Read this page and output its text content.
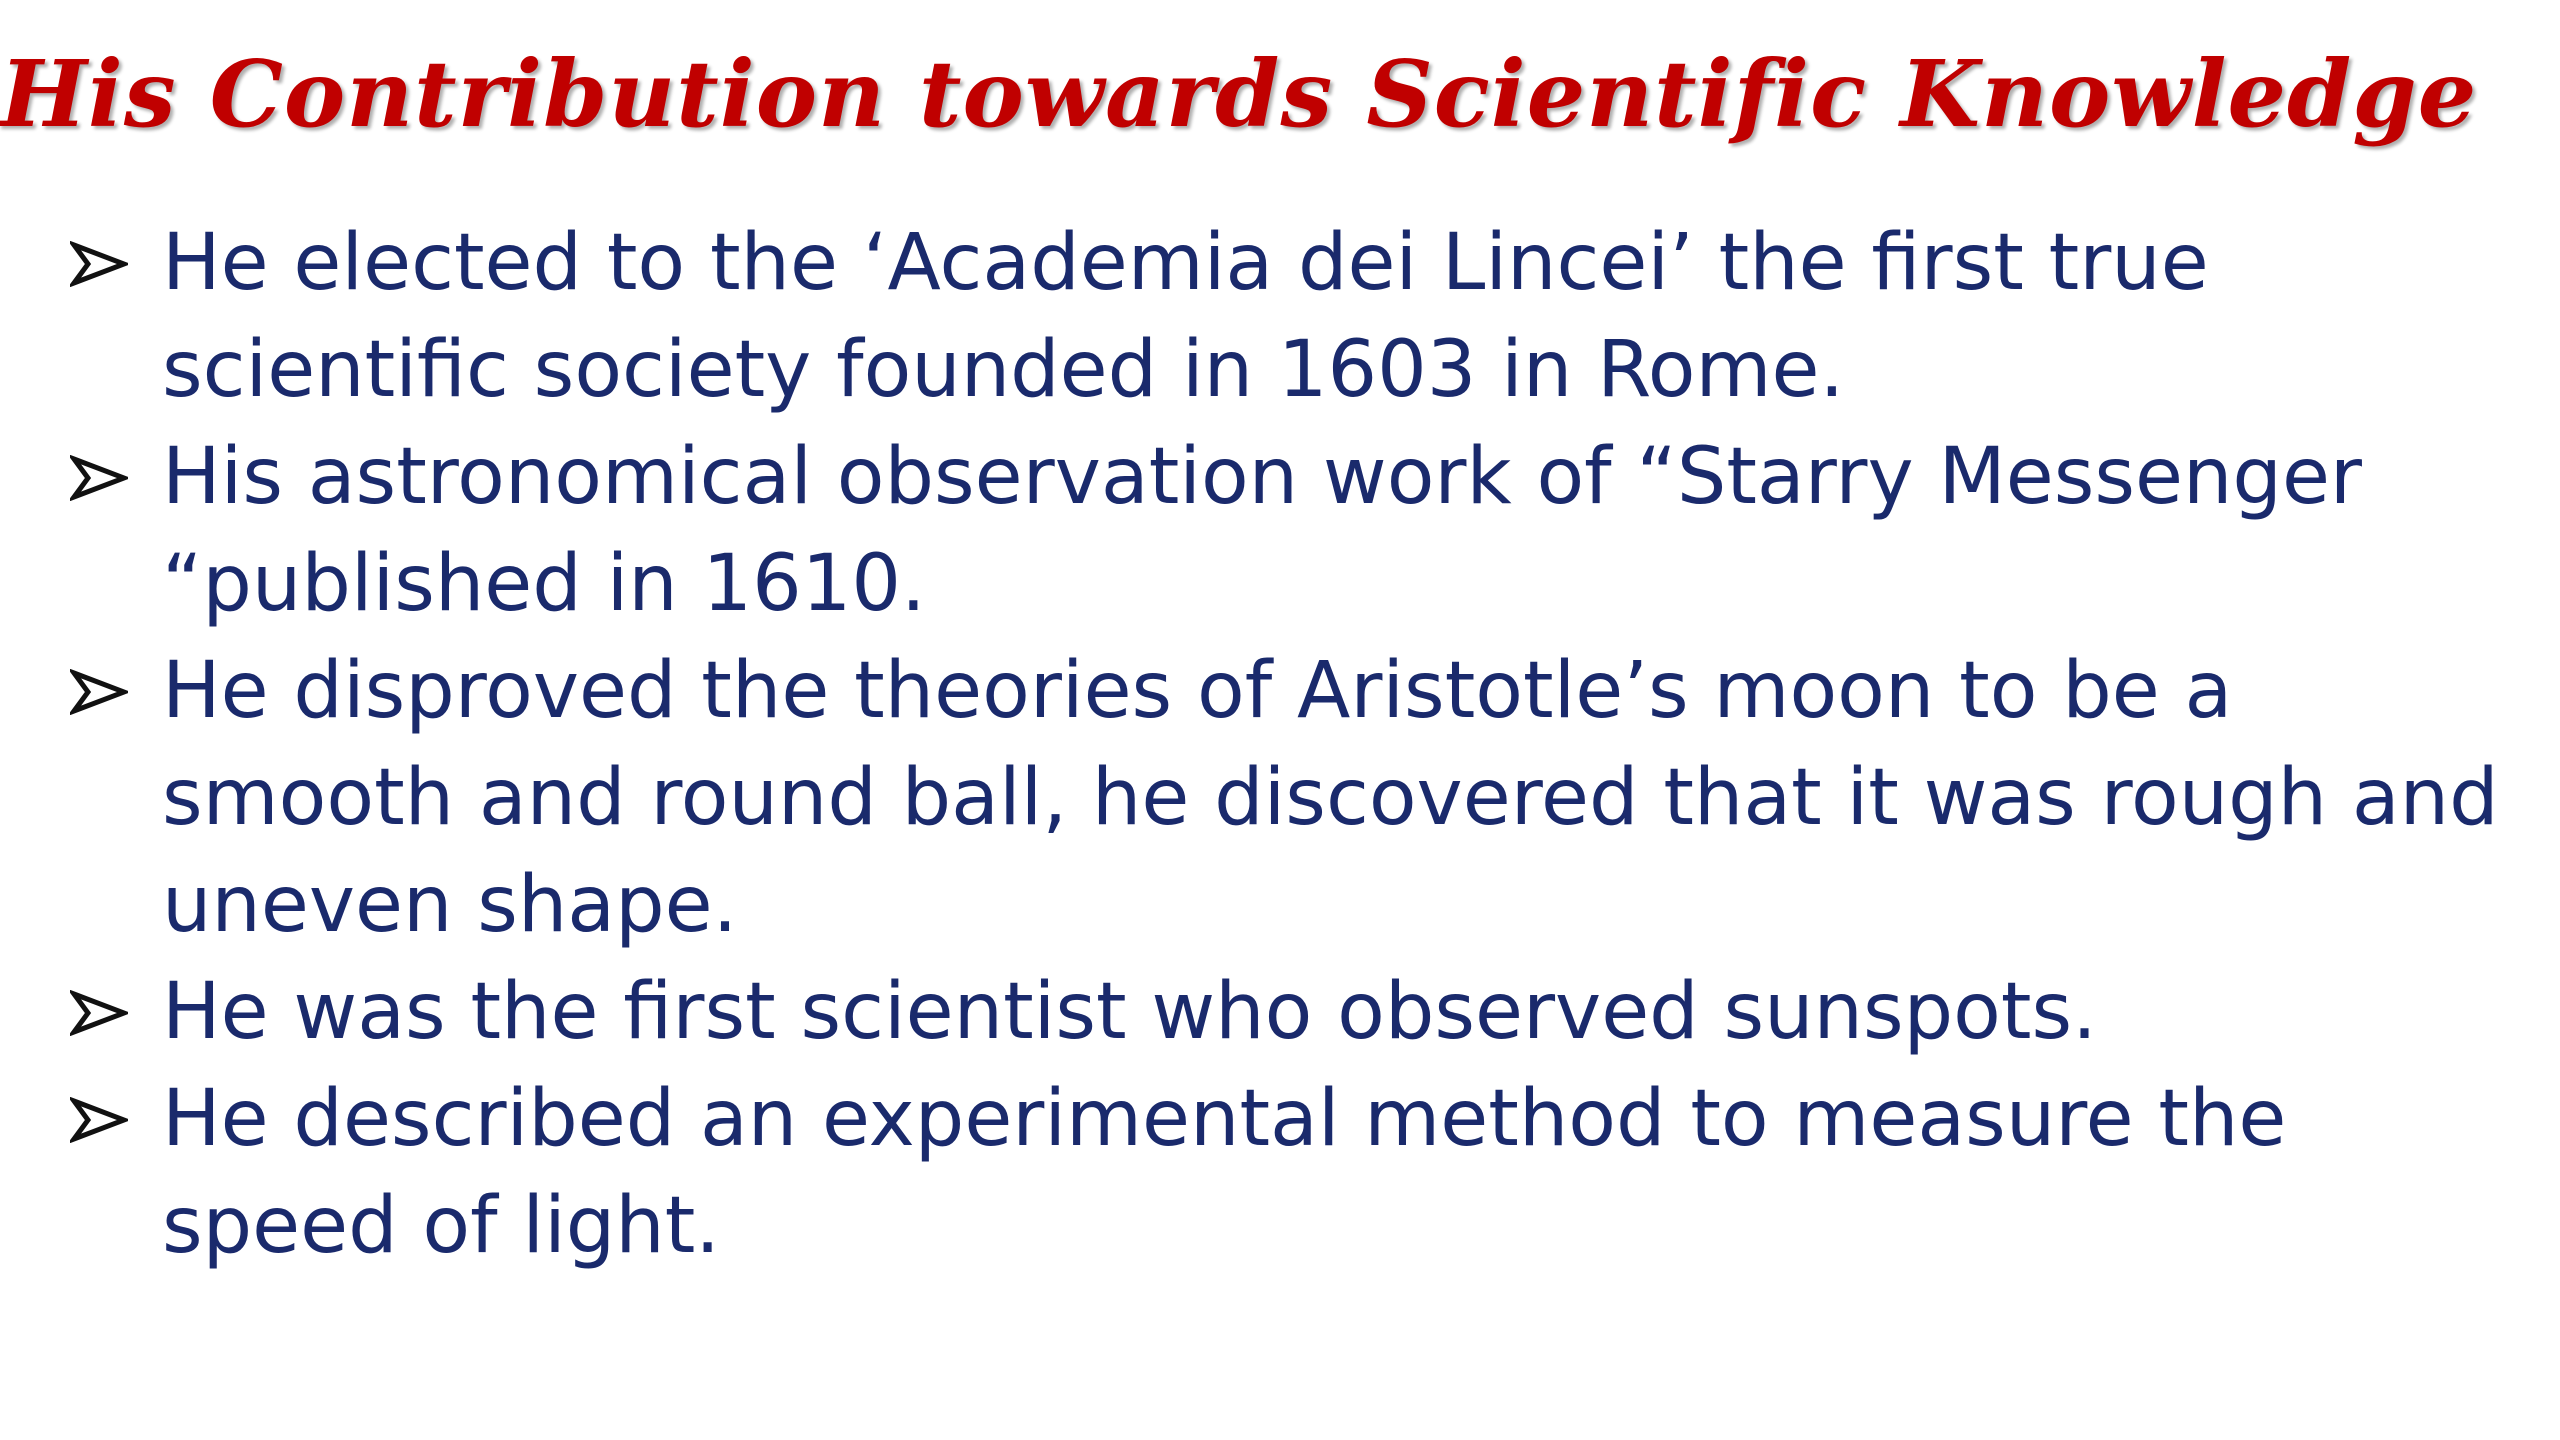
His Contribution towards Scientific Knowledge
He elected to the ‘Academia dei Lincei’ the first true scientific society founded in 1603 in Rome.
His astronomical observation work of “Starry Messenger “published in 1610.
He disproved the theories of Aristotle’s moon to be a smooth and round ball, he discovered that it was rough and uneven shape.
He was the first scientist who observed sunspots.
He described an experimental method to measure the speed of light.
